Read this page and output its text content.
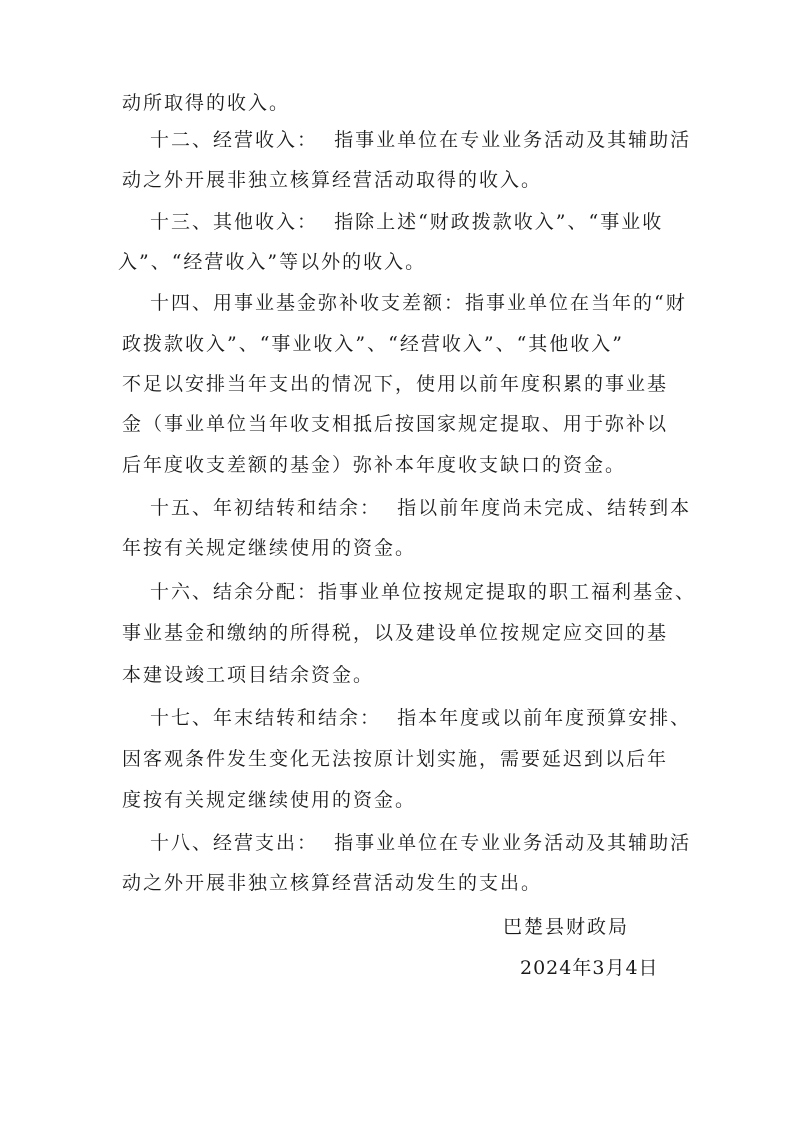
动所取得的收入。
十二、经营收入：  指事业单位在专业业务活动及其辅助活
动之外开展非独立核算经营活动取得的收入。
十三、其他收入：  指除上述“财政拨款收入”、“事业收
入”、“经营收入”等以外的收入。
十四、用事业基金弥补收支差额：指事业单位在当年的“财
政拨款收入”、“事业收入”、“经营收入”、“其他收入”
不足以安排当年支出的情况下，使用以前年度积累的事业基
金（事业单位当年收支相抵后按国家规定提取、用于弥补以
后年度收支差额的基金）弥补本年度收支缺口的资金。
十五、年初结转和结余：  指以前年度尚未完成、结转到本
年按有关规定继续使用的资金。
十六、结余分配：指事业单位按规定提取的职工福利基金、
事业基金和缴纳的所得税，以及建设单位按规定应交回的基
本建设竣工项目结余资金。
十七、年末结转和结余：  指本年度或以前年度预算安排、
因客观条件发生变化无法按原计划实施，需要延迟到以后年
度按有关规定继续使用的资金。
十八、经营支出：  指事业单位在专业业务活动及其辅助活
动之外开展非独立核算经营活动发生的支出。
巴楚县财政局
2024年3月4日
